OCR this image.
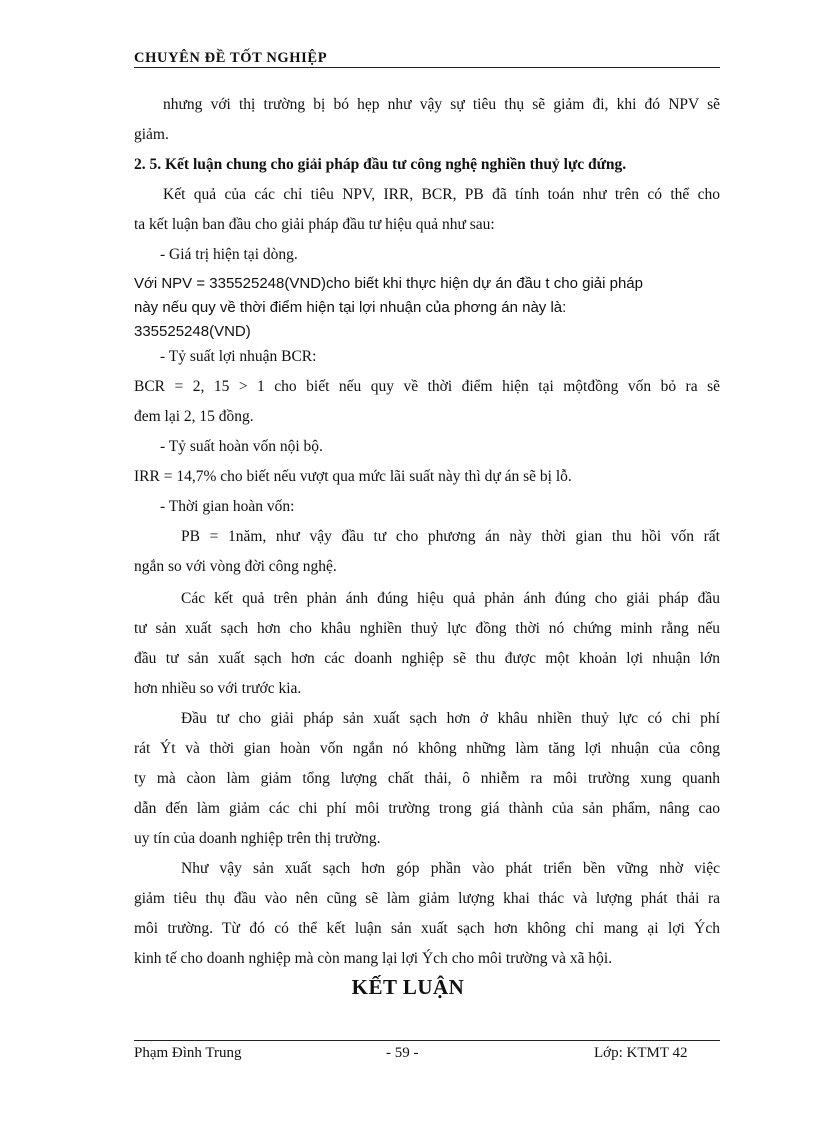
CHUYÊN ĐỀ TỐT NGHIỆP
nhưng với thị trường bị bó hẹp như vậy sự tiêu thụ sẽ giảm đi, khi đó NPV sẽ
giảm.
2. 5. Kết luận chung cho giải pháp đầu tư công nghệ nghiền thuỷ lực đứng.
Kết quả của các chỉ tiêu NPV, IRR, BCR, PB đã tính toán như trên có thể cho
ta kết luận ban đầu cho giải pháp đầu tư hiệu quả như sau:
- Giá trị hiện tại dòng.
Với NPV = 335525248(VND)cho biết khi thực hiện dự án đầu t cho giải pháp
này nếu quy về thời điểm hiện tại lợi nhuận của phơng án này là:
335525248(VND)
- Tỷ suất lợi nhuận BCR:
BCR = 2, 15 > 1 cho biết nếu quy về thời điểm hiện tại mộtđồng vốn bỏ ra sẽ
đem lại 2, 15 đồng.
- Tỷ suất hoàn vốn nội bộ.
IRR = 14,7% cho biết nếu vượt qua mức lãi suất này thì dự án sẽ bị lỗ.
- Thời gian hoàn vốn:
PB = 1năm, như vậy đầu tư cho phương án này thời gian thu hồi vốn rất
ngắn so với vòng đời công nghệ.
Các kết quả trên phản ánh đúng hiệu quả phản ánh đúng cho giải pháp đầu
tư sản xuất sạch hơn cho khâu nghiền thuỷ lực đồng thời nó chứng minh rằng nếu
đầu tư sản xuất sạch hơn các doanh nghiệp sẽ thu được một khoản lợi nhuận lớn
hơn nhiều so với trước kia.
Đầu tư cho giải pháp sản xuất sạch hơn ở khâu nhiền thuỷ lực có chi phí
rát Ýt và thời gian hoàn vốn ngắn nó không những làm tăng lợi nhuận của công
ty mà càon làm giảm tổng lượng chất thải, ô nhiễm ra môi trường xung quanh
dẫn đến làm giảm các chi phí môi trường trong giá thành của sản phẩm, nâng cao
uy tín của doanh nghiệp trên thị trường.
Như vậy sản xuất sạch hơn góp phần vào phát triển bền vững nhờ việc
giảm tiêu thụ đầu vào nên cũng sẽ làm giảm lượng khai thác và lượng phát thải ra
môi trường. Từ đó có thể kết luận sản xuất sạch hơn không chỉ mang ại lợi Ých
kinh tế cho doanh nghiệp mà còn mang lại lợi Ých cho môi trường và xã hội.
KẾT LUẬN
Phạm Đình Trung	- 59 -	Lớp: KTMT 42
